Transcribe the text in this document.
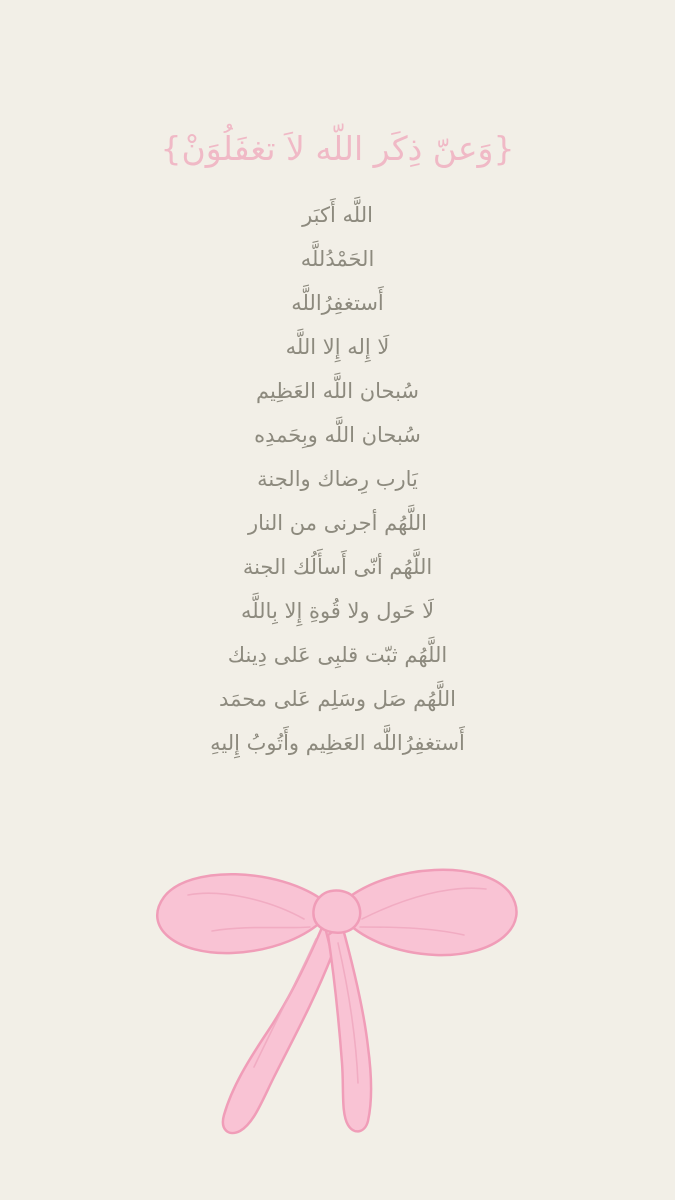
{وَعنّ ذِكَر اللّه لاَ تغفَلُوَنْ}
اللَّه أَكبَر
الحَمْدُللَّه
أَستغفِرُاللَّه
لَا إِله إِلا اللَّه
سُبحان اللَّه العَظِيم
سُبحان اللَّه وبِحَمدِه
يَارب رِضاك والجنة
اللَّهُم أجرنى من النار
اللَّهُم أنّى أَسأَلُك الجنة
لَا حَول ولا قُوةِ إِلا بِاللَّه
اللَّهُم ثبّت قلبِى عَلى دِينك
اللَّهُم صَل وسَلِم عَلى محمَد
أَستغفِرُاللَّه العَظِيم وأَتُوبُ إِليهِ
